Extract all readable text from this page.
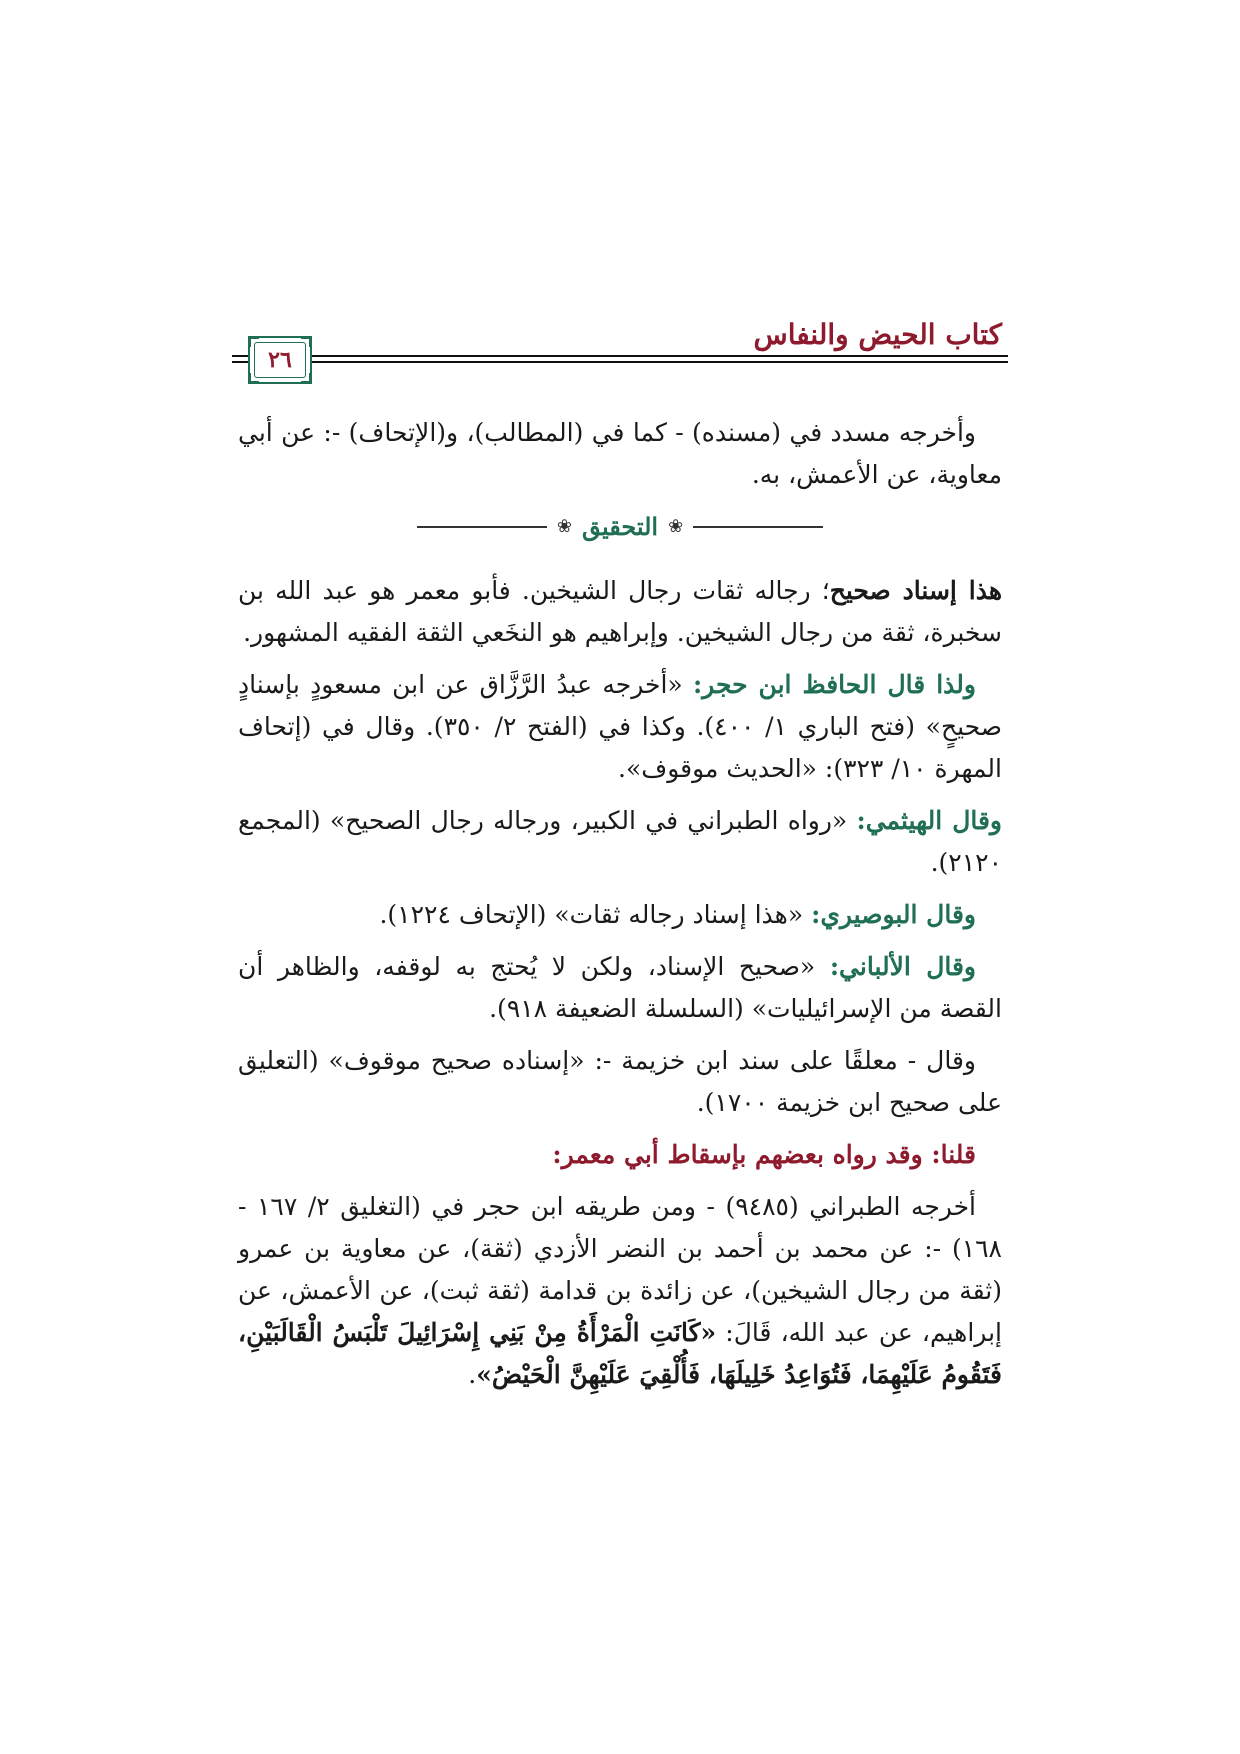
كتاب الحيض والنفاس
٢٦

وأخرجه مسدد في (مسنده) - كما في (المطالب)، و(الإتحاف) -: عن أبي معاوية، عن الأعمش، به.

❀
التحقيق
❀

هذا إسناد صحيح؛ رجاله ثقات رجال الشيخين. فأبو معمر هو عبد الله بن سخبرة، ثقة من رجال الشيخين. وإبراهيم هو النخَعي الثقة الفقيه المشهور.

ولذا قال الحافظ ابن حجر: «أخرجه عبدُ الرَّزَّاق عن ابن مسعودٍ بإسنادٍ صحيحٍ» (فتح الباري ١/ ٤٠٠). وكذا في (الفتح ٢/ ٣٥٠). وقال في (إتحاف المهرة ١٠/ ٣٢٣): «الحديث موقوف».

وقال الهيثمي: «رواه الطبراني في الكبير، ورجاله رجال الصحيح» (المجمع ٢١٢٠).

وقال البوصيري: «هذا إسناد رجاله ثقات» (الإتحاف ١٢٢٤).

وقال الألباني: «صحيح الإسناد، ولكن لا يُحتج به لوقفه، والظاهر أن القصة من الإسرائيليات» (السلسلة الضعيفة ٩١٨).

وقال - معلقًا على سند ابن خزيمة -: «إسناده صحيح موقوف» (التعليق على صحيح ابن خزيمة ١٧٠٠).

قلنا: وقد رواه بعضهم بإسقاط أبي معمر:

أخرجه الطبراني (٩٤٨٥) - ومن طريقه ابن حجر في (التغليق ٢/ ١٦٧ - ١٦٨) -: عن محمد بن أحمد بن النضر الأزدي (ثقة)، عن معاوية بن عمرو (ثقة من رجال الشيخين)، عن زائدة بن قدامة (ثقة ثبت)، عن الأعمش، عن إبراهيم، عن عبد الله، قَالَ: «كَانَتِ الْمَرْأَةُ مِنْ بَنِي إِسْرَائِيلَ تَلْبَسُ الْقَالَبَيْنِ، فَتَقُومُ عَلَيْهِمَا، فَتُوَاعِدُ خَلِيلَهَا، فَأُلْقِيَ عَلَيْهِنَّ الْحَيْضُ».
